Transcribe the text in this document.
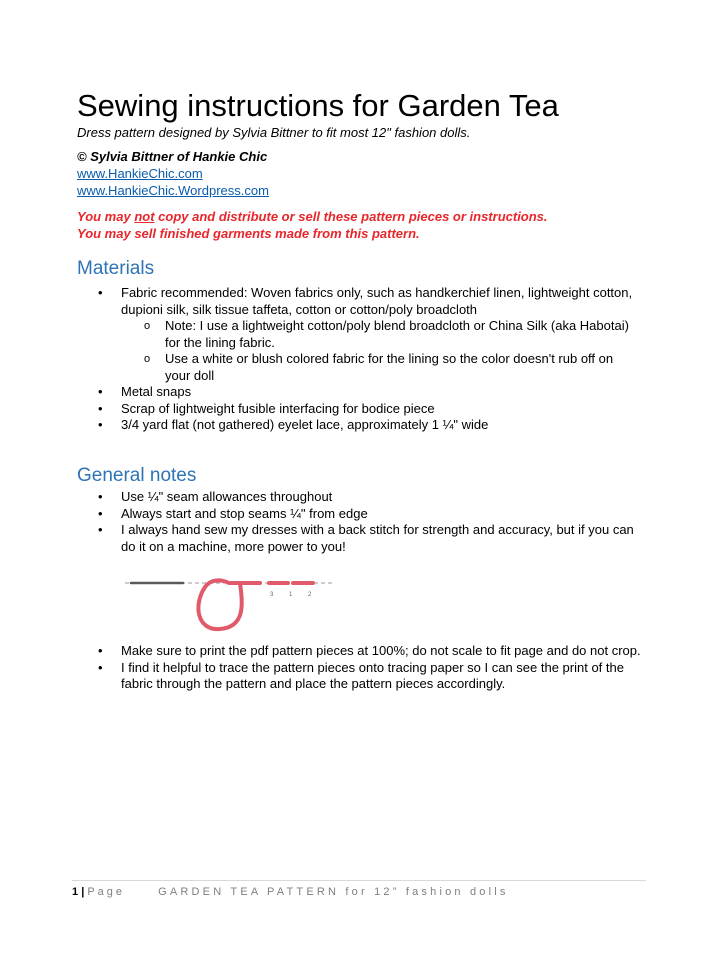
Sewing instructions for Garden Tea
Dress pattern designed by Sylvia Bittner to fit most 12" fashion dolls.
© Sylvia Bittner of Hankie Chic
www.HankieChic.com
www.HankieChic.Wordpress.com
You may not copy and distribute or sell these pattern pieces or instructions.
You may sell finished garments made from this pattern.
Materials
• Fabric recommended: Woven fabrics only, such as handkerchief linen, lightweight cotton, dupioni silk, silk tissue taffeta, cotton or cotton/poly broadcloth
o Note: I use a lightweight cotton/poly blend broadcloth or China Silk (aka Habotai) for the lining fabric.
o Use a white or blush colored fabric for the lining so the color doesn't rub off on your doll
• Metal snaps
• Scrap of lightweight fusible interfacing for bodice piece
• 3/4 yard flat (not gathered) eyelet lace, approximately 1 ¼" wide
General notes
• Use ¼" seam allowances throughout
• Always start and stop seams ¼" from edge
• I always hand sew my dresses with a back stitch for strength and accuracy, but if you can do it on a machine, more power to you!
3	1	2
• Make sure to print the pdf pattern pieces at 100%; do not scale to fit page and do not crop.
• I find it helpful to trace the pattern pieces onto tracing paper so I can see the print of the fabric through the pattern and place the pattern pieces accordingly.
1 | Page	GARDEN TEA PATTERN for 12” fashion dolls
